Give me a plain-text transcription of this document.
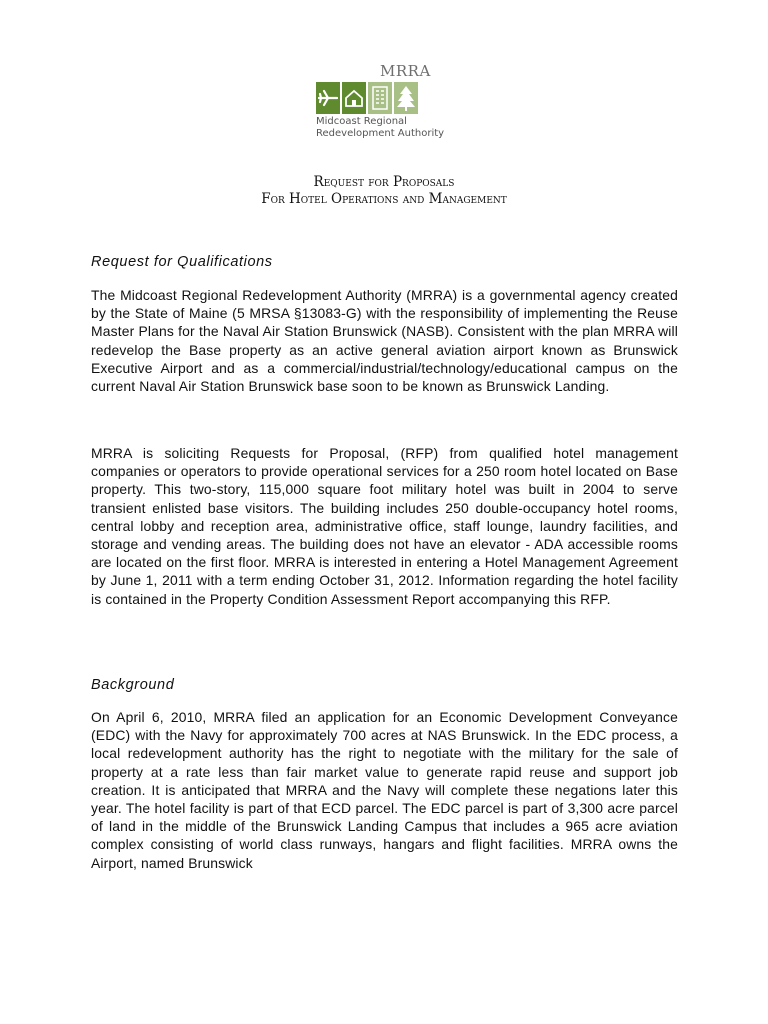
MRRA
Midcoast Regional
Redevelopment Authority
Request for Proposals
For Hotel Operations and Management
Request for Qualifications

The Midcoast Regional Redevelopment Authority (MRRA) is a governmental agency created by the State of Maine (5 MRSA §13083-G) with the responsibility of implementing the Reuse Master Plans for the Naval Air Station Brunswick (NASB). Consistent with the plan MRRA will redevelop the Base property as an active general aviation airport known as Brunswick Executive Airport and as a commercial/industrial/technology/educational campus on the current Naval Air Station Brunswick base soon to be known as Brunswick Landing.

MRRA is soliciting Requests for Proposal, (RFP) from qualified hotel management companies or operators to provide operational services for a 250 room hotel located on Base property. This two-story, 115,000 square foot military hotel was built in 2004 to serve transient enlisted base visitors. The building includes 250 double-occupancy hotel rooms, central lobby and reception area, administrative office, staff lounge, laundry facilities, and storage and vending areas. The building does not have an elevator - ADA accessible rooms are located on the first floor. MRRA is interested in entering a Hotel Management Agreement by June 1, 2011 with a term ending October 31, 2012. Information regarding the hotel facility is contained in the Property Condition Assessment Report accompanying this RFP.

Background

On April 6, 2010, MRRA filed an application for an Economic Development Conveyance (EDC) with the Navy for approximately 700 acres at NAS Brunswick. In the EDC process, a local redevelopment authority has the right to negotiate with the military for the sale of property at a rate less than fair market value to generate rapid reuse and support job creation. It is anticipated that MRRA and the Navy will complete these negations later this year. The hotel facility is part of that ECD parcel. The EDC parcel is part of 3,300 acre parcel of land in the middle of the Brunswick Landing Campus that includes a 965 acre aviation complex consisting of world class runways, hangars and flight facilities. MRRA owns the Airport, named Brunswick
